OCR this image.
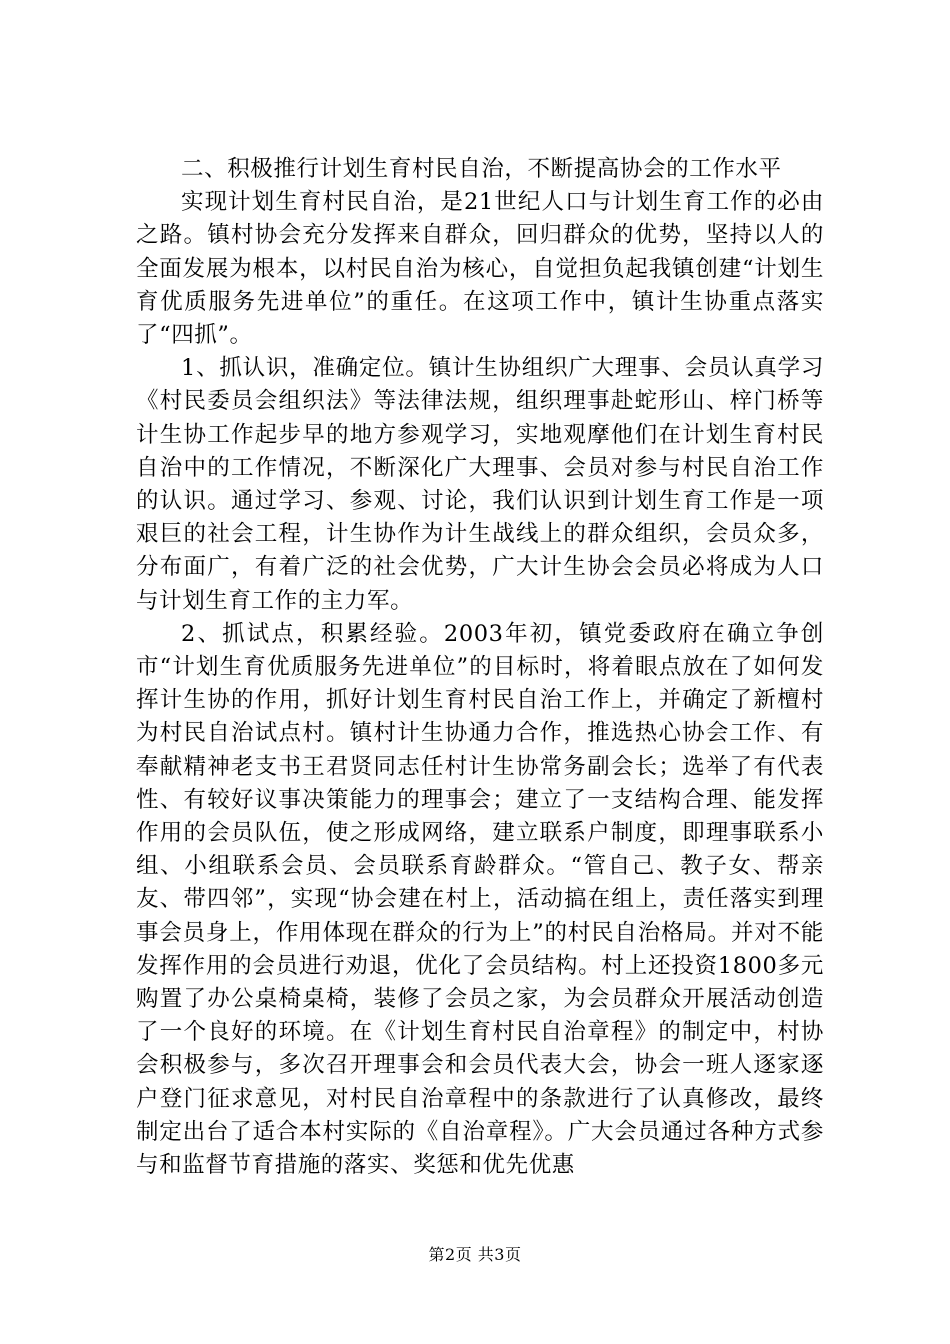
二、积极推行计划生育村民自治，不断提高协会的工作水平

实现计划生育村民自治，是21世纪人口与计划生育工作的必由之路。镇村协会充分发挥来自群众，回归群众的优势，坚持以人的全面发展为根本，以村民自治为核心，自觉担负起我镇创建“计划生育优质服务先进单位”的重任。在这项工作中，镇计生协重点落实了“四抓”。

1、抓认识，准确定位。镇计生协组织广大理事、会员认真学习《村民委员会组织法》等法律法规，组织理事赴蛇形山、梓门桥等计生协工作起步早的地方参观学习，实地观摩他们在计划生育村民自治中的工作情况，不断深化广大理事、会员对参与村民自治工作的认识。通过学习、参观、讨论，我们认识到计划生育工作是一项艰巨的社会工程，计生协作为计生战线上的群众组织，会员众多，分布面广，有着广泛的社会优势，广大计生协会会员必将成为人口与计划生育工作的主力军。

2、抓试点，积累经验。2003年初，镇党委政府在确立争创市“计划生育优质服务先进单位”的目标时，将着眼点放在了如何发挥计生协的作用，抓好计划生育村民自治工作上，并确定了新檀村为村民自治试点村。镇村计生协通力合作，推选热心协会工作、有奉献精神老支书王君贤同志任村计生协常务副会长；选举了有代表性、有较好议事决策能力的理事会；建立了一支结构合理、能发挥作用的会员队伍，使之形成网络，建立联系户制度，即理事联系小组、小组联系会员、会员联系育龄群众。“管自己、教子女、帮亲友、带四邻”，实现“协会建在村上，活动搞在组上，责任落实到理事会员身上，作用体现在群众的行为上”的村民自治格局。并对不能发挥作用的会员进行劝退，优化了会员结构。村上还投资1800多元购置了办公桌椅桌椅，装修了会员之家，为会员群众开展活动创造了一个良好的环境。在《计划生育村民自治章程》的制定中，村协会积极参与，多次召开理事会和会员代表大会，协会一班人逐家逐户登门征求意见，对村民自治章程中的条款进行了认真修改，最终制定出台了适合本村实际的《自治章程》。广大会员通过各种方式参与和监督节育措施的落实、奖惩和优先优惠

第2页 共3页
